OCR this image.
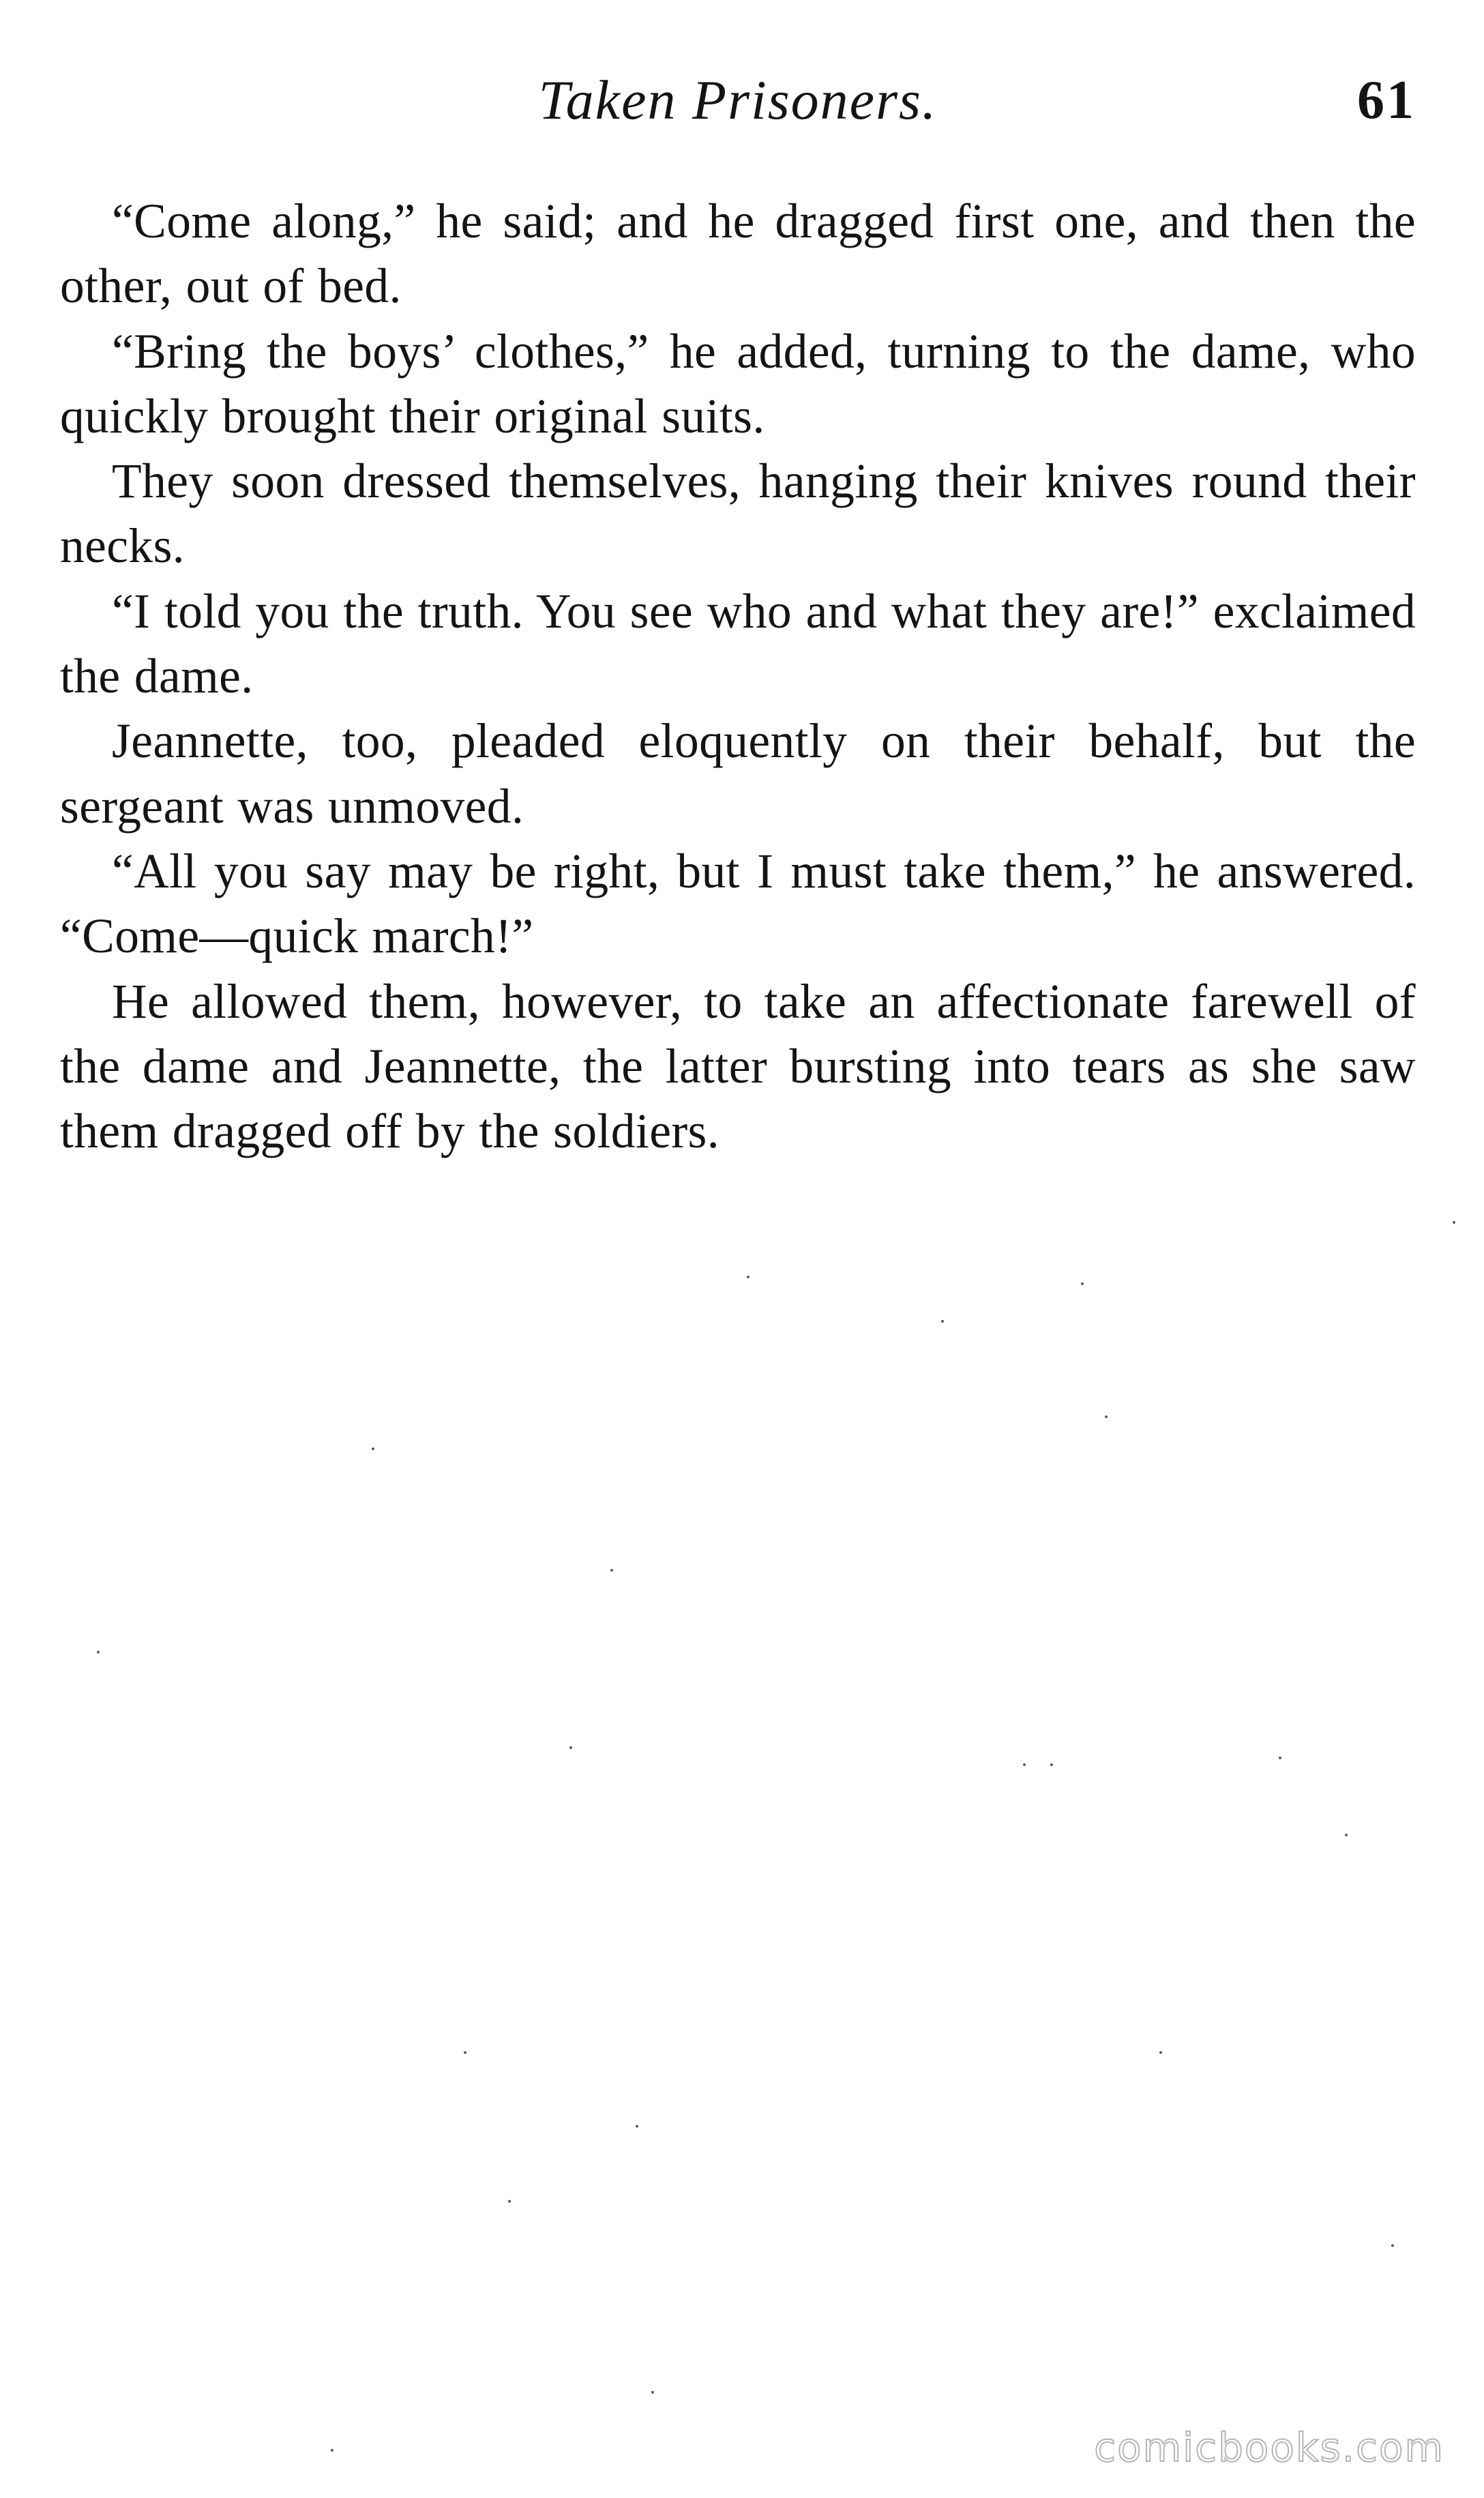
Taken Prisoners.	61

“Come along,” he said; and he dragged first one, and then the other, out of bed.

“Bring the boys’ clothes,” he added, turning to the dame, who quickly brought their original suits.

They soon dressed themselves, hanging their knives round their necks.

“I told you the truth. You see who and what they are!” exclaimed the dame.

Jeannette, too, pleaded eloquently on their behalf, but the sergeant was unmoved.

“All you say may be right, but I must take them,” he answered. “Come—quick march!”

He allowed them, however, to take an affectionate farewell of the dame and Jeannette, the latter bursting into tears as she saw them dragged off by the soldiers.

comicbooks.com
